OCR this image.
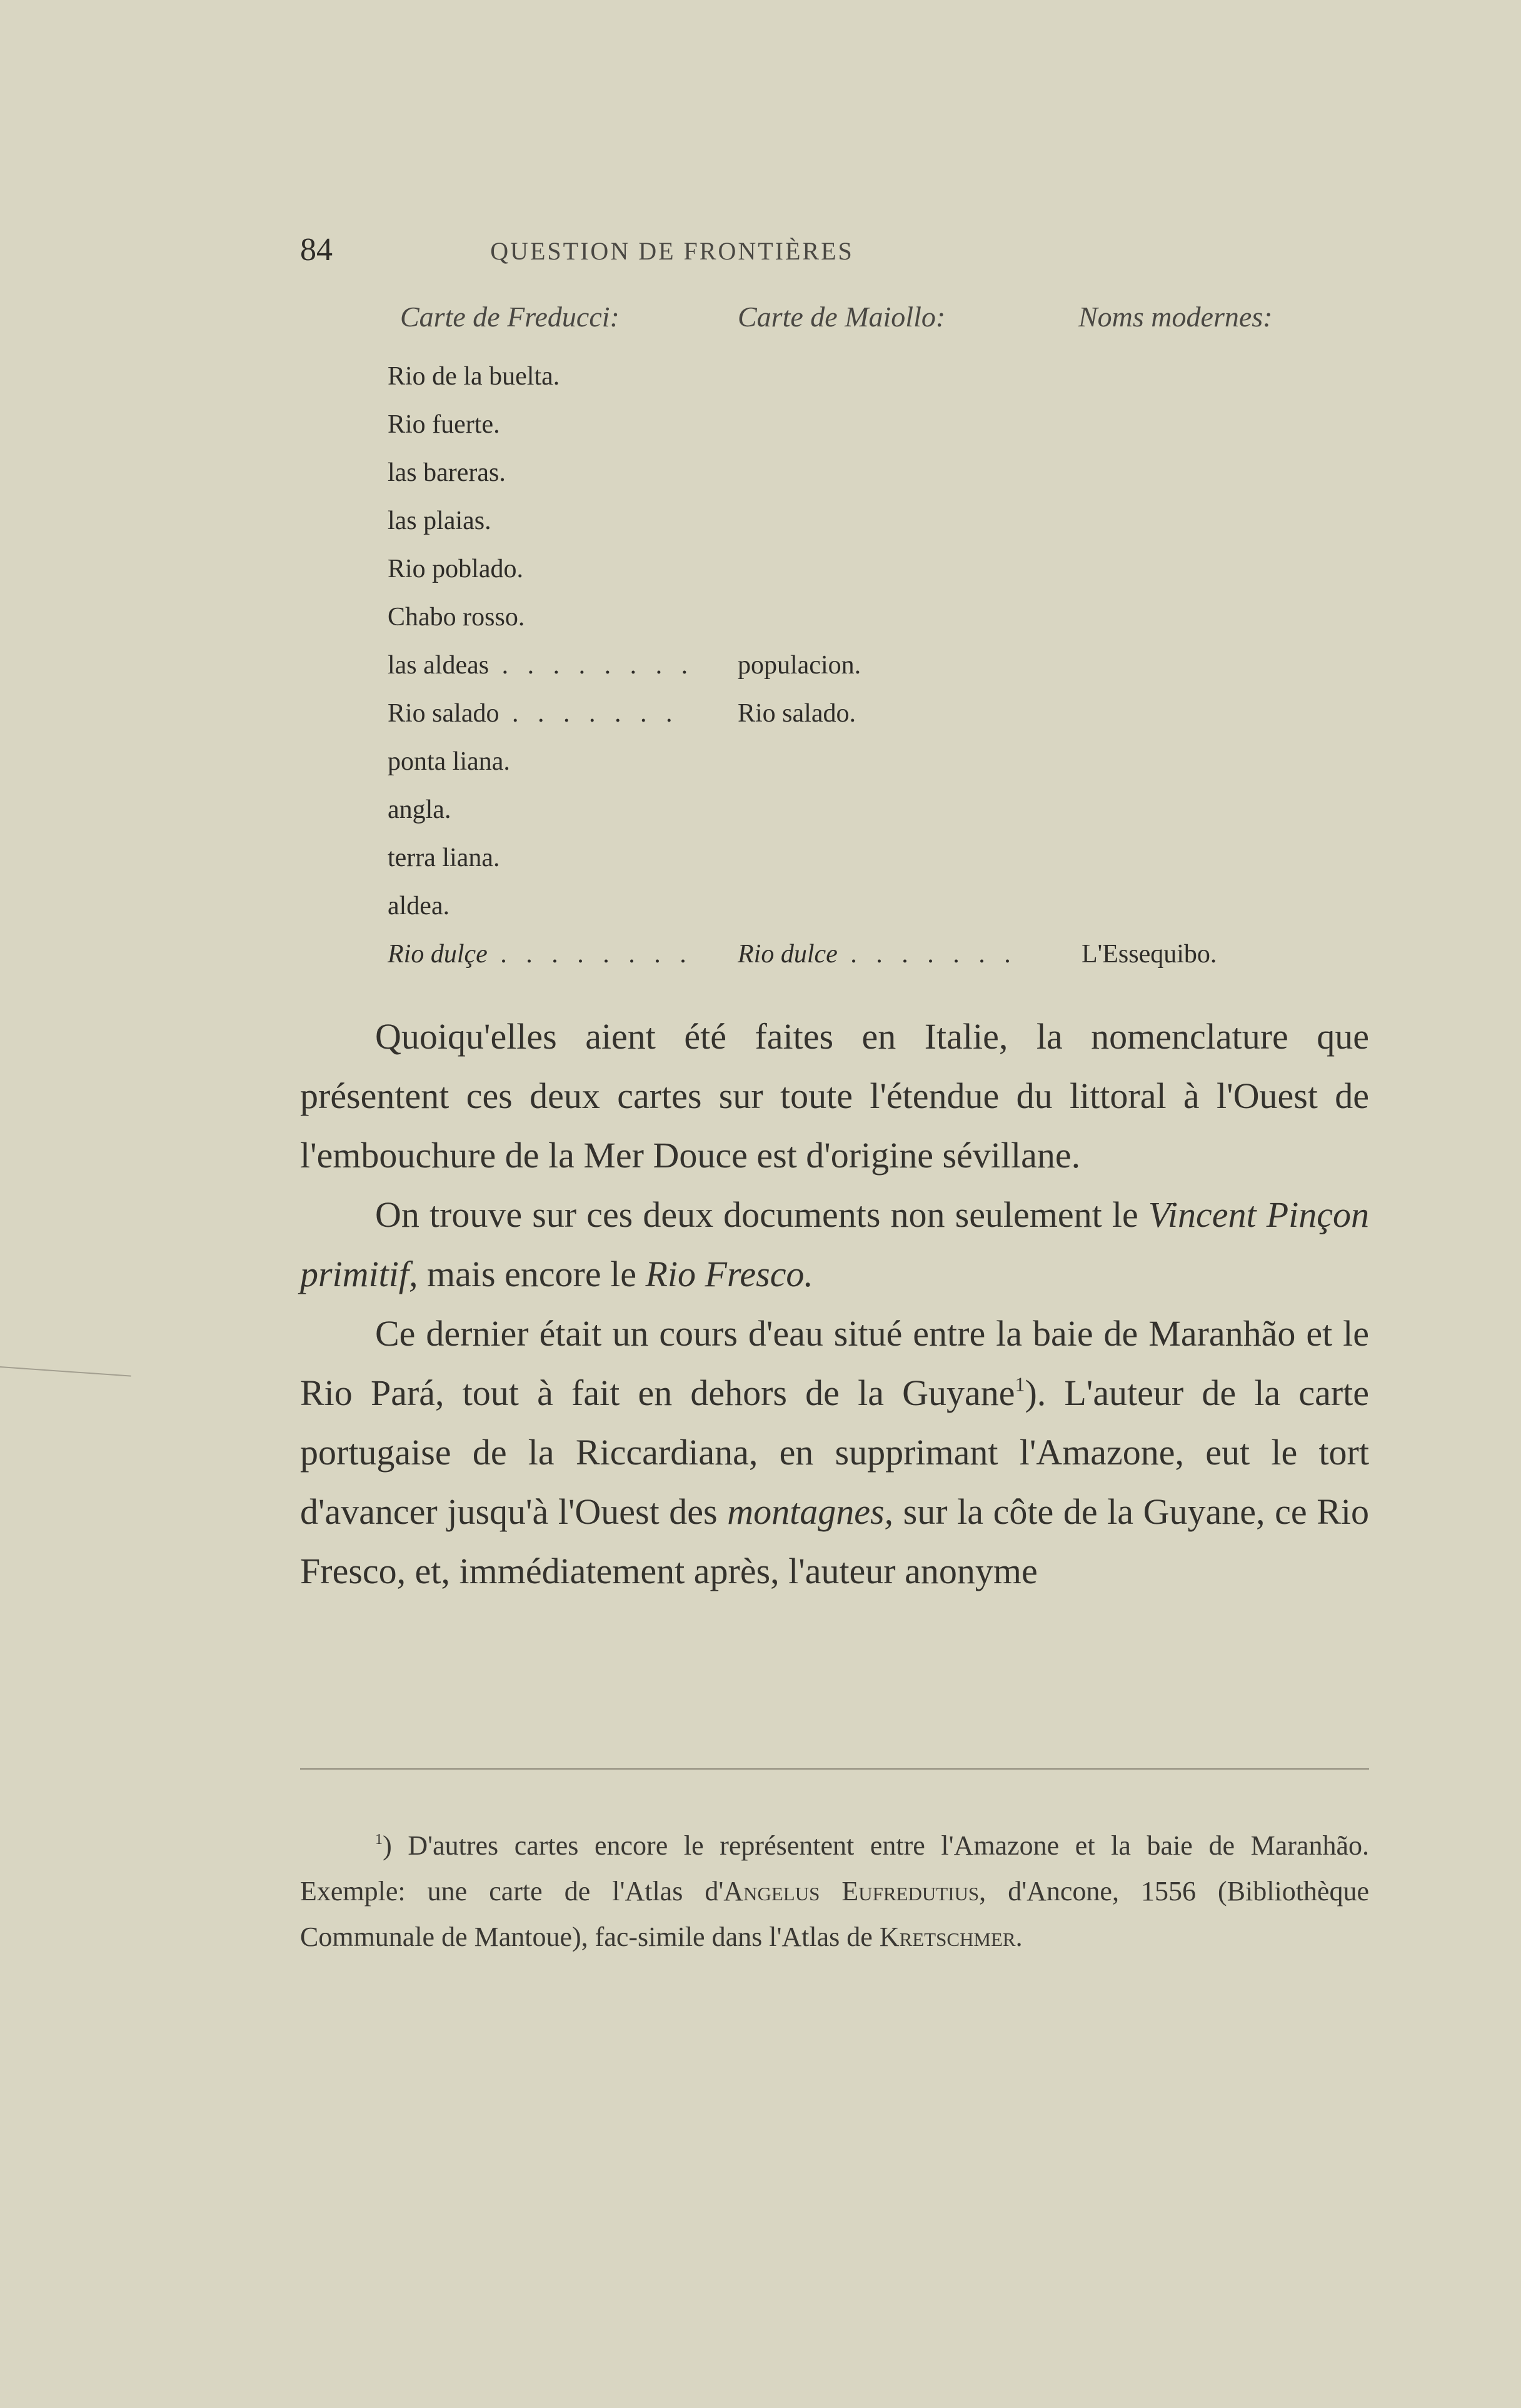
84	QUESTION DE FRONTIÈRES
Carte de Freducci:	Carte de Maiollo:	Noms modernes:
Rio de la buelta.
Rio fuerte.
las bareras.
las plaias.
Rio poblado.
Chabo rosso.
las aldeas . . . . . . . . populacion.
Rio salado . . . . . . . Rio salado.
ponta liana.
angla.
terra liana.
aldea.
Rio dulçe . . . . . . . . Rio dulce . . . . . . . L'Essequibo.

Quoiqu'elles aient été faites en Italie, la nomenclature que présentent ces deux cartes sur toute l'étendue du littoral à l'Ouest de l'embouchure de la Mer Douce est d'origine sévillane.

On trouve sur ces deux documents non seulement le Vincent Pinçon primitif, mais encore le Rio Fresco.

Ce dernier était un cours d'eau situé entre la baie de Maranhão et le Rio Pará, tout à fait en dehors de la Guyane$^1$). L'auteur de la carte portugaise de la Riccardiana, en supprimant l'Amazone, eut le tort d'avancer jusqu'à l'Ouest des montagnes, sur la côte de la Guyane, ce Rio Fresco, et, immédiatement après, l'auteur anonyme

$^1$) D'autres cartes encore le représentent entre l'Amazone et la baie de Maranhão. Exemple: une carte de l'Atlas d'Angelus Eufredutius, d'Ancone, 1556 (Bibliothèque Communale de Mantoue), fac-simile dans l'Atlas de Kretschmer.
